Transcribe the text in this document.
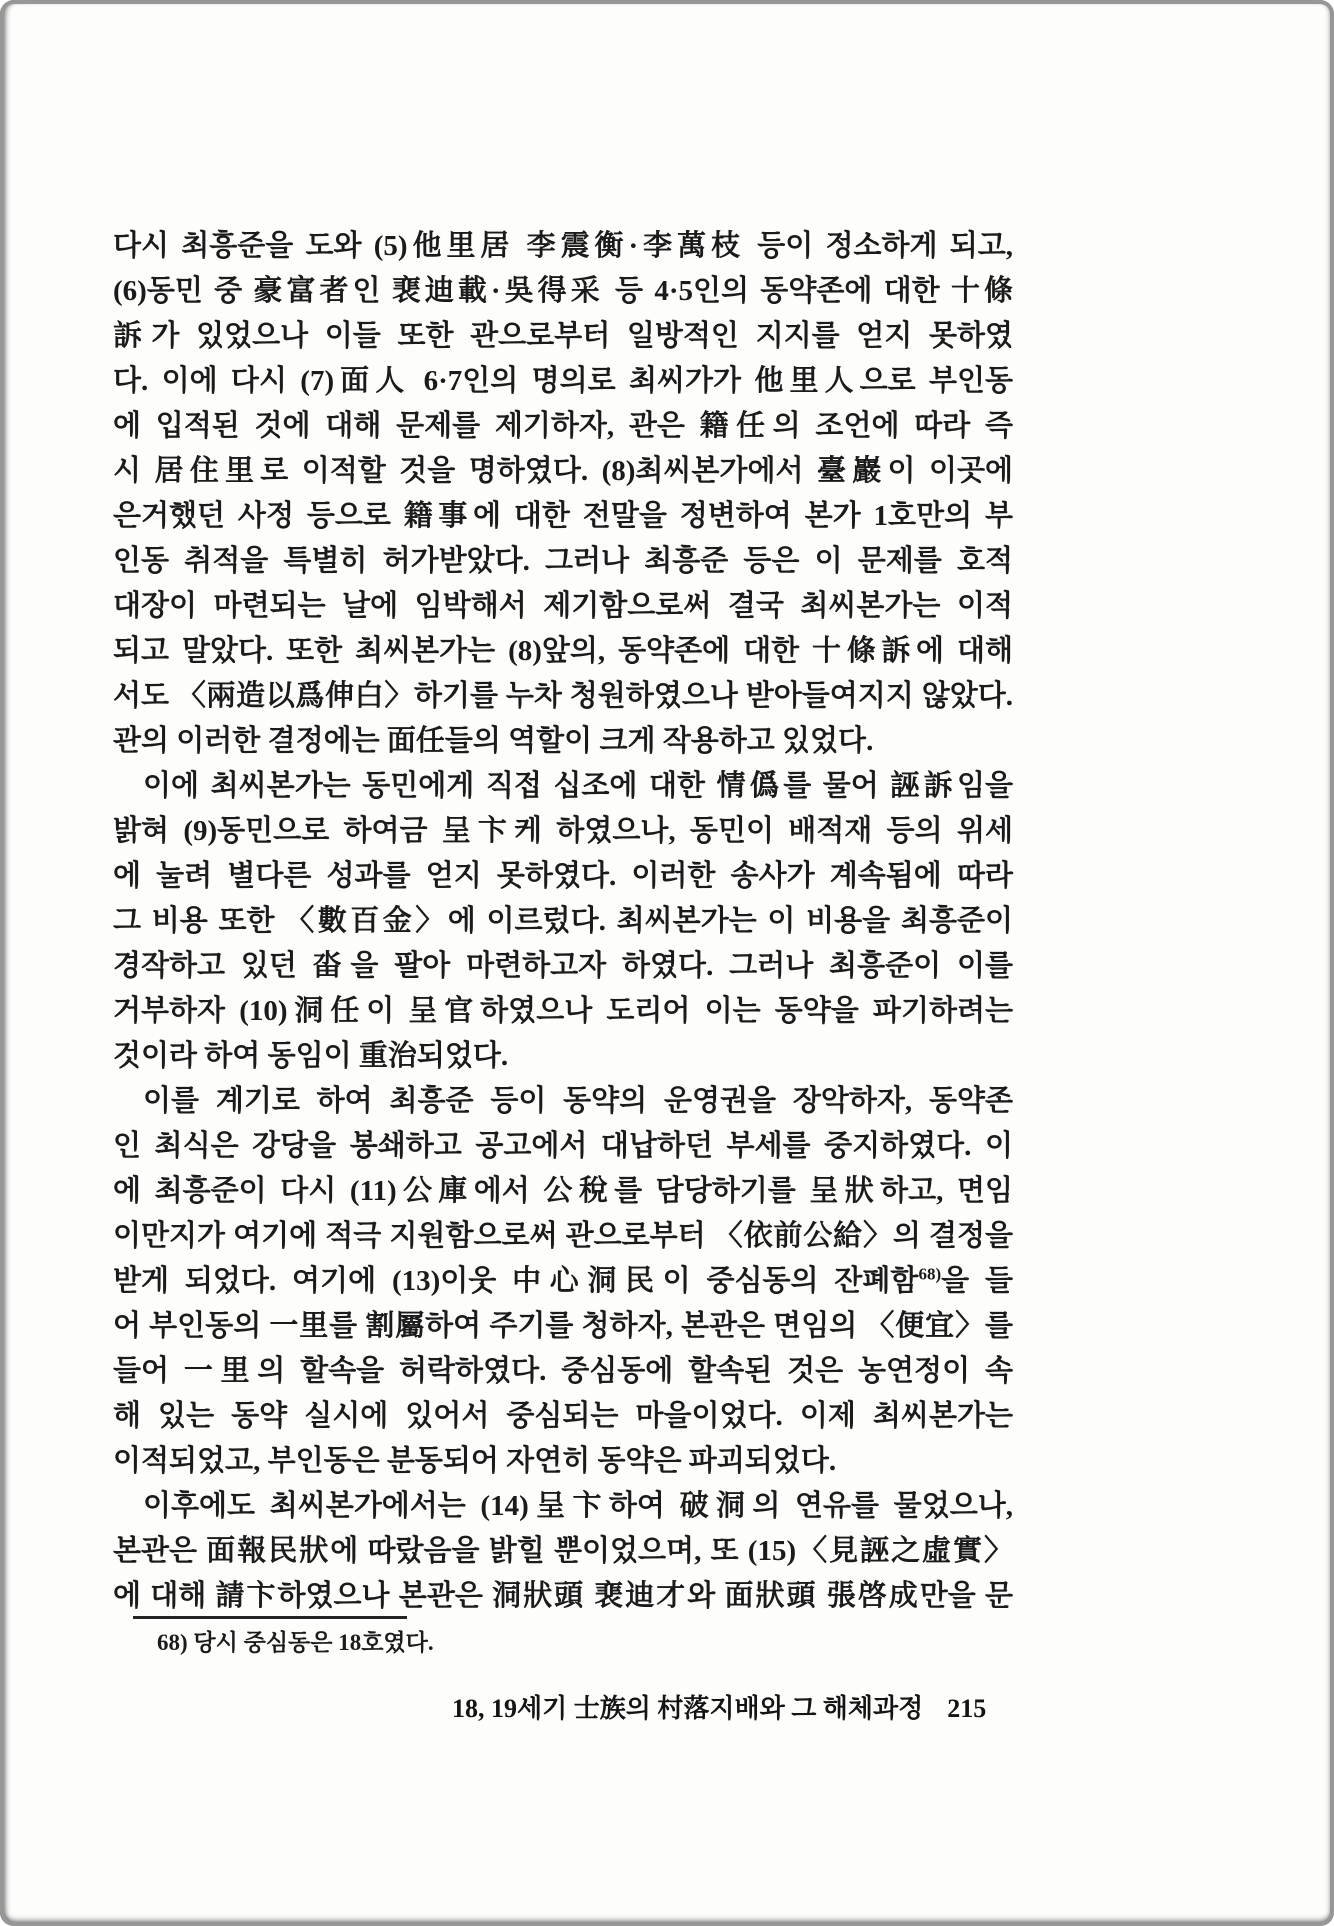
다시 최흥준을 도와 (5)他里居 李震衡·李萬枝 등이 정소하게 되고,
(6)동민 중 豪富者인 裵迪載·吳得采 등 4·5인의 동약존에 대한 十條
訴가 있었으나 이들 또한 관으로부터 일방적인 지지를 얻지 못하였
다. 이에 다시 (7)面人 6·7인의 명의로 최씨가가 他里人으로 부인동
에 입적된 것에 대해 문제를 제기하자, 관은 籍任의 조언에 따라 즉
시 居住里로 이적할 것을 명하였다. (8)최씨본가에서 臺巖이 이곳에
은거했던 사정 등으로 籍事에 대한 전말을 정변하여 본가 1호만의 부
인동 취적을 특별히 허가받았다. 그러나 최흥준 등은 이 문제를 호적
대장이 마련되는 날에 임박해서 제기함으로써 결국 최씨본가는 이적
되고 말았다. 또한 최씨본가는 (8)앞의, 동약존에 대한 十條訴에 대해
서도 〈兩造以爲伸白〉하기를 누차 청원하였으나 받아들여지지 않았다.
관의 이러한 결정에는 面任들의 역할이 크게 작용하고 있었다.
이에 최씨본가는 동민에게 직접 십조에 대한 情僞를 물어 誣訴임을
밝혀 (9)동민으로 하여금 呈卞케 하였으나, 동민이 배적재 등의 위세
에 눌려 별다른 성과를 얻지 못하였다. 이러한 송사가 계속됨에 따라
그 비용 또한 〈數百金〉에 이르렀다. 최씨본가는 이 비용을 최흥준이
경작하고 있던 畓을 팔아 마련하고자 하였다. 그러나 최흥준이 이를
거부하자 (10)洞任이 呈官하였으나 도리어 이는 동약을 파기하려는
것이라 하여 동임이 重治되었다.
이를 계기로 하여 최흥준 등이 동약의 운영권을 장악하자, 동약존
인 최식은 강당을 봉쇄하고 공고에서 대납하던 부세를 중지하였다. 이
에 최흥준이 다시 (11)公庫에서 公稅를 담당하기를 呈狀하고, 면임
이만지가 여기에 적극 지원함으로써 관으로부터 〈依前公給〉의 결정을
받게 되었다. 여기에 (13)이웃 中心洞民이 중심동의 잔폐함$^{68)}$을 들
어 부인동의 一里를 割屬하여 주기를 청하자, 본관은 면임의 〈便宜〉를
들어 一里의 할속을 허락하였다. 중심동에 할속된 것은 농연정이 속
해 있는 동약 실시에 있어서 중심되는 마을이었다. 이제 최씨본가는
이적되었고, 부인동은 분동되어 자연히 동약은 파괴되었다.
이후에도 최씨본가에서는 (14)呈卞하여 破洞의 연유를 물었으나,
본관은 面報民狀에 따랐음을 밝힐 뿐이었으며, 또 (15)〈見誣之虛實〉
에 대해 請卞하였으나 본관은 洞狀頭 裵迪才와 面狀頭 張啓成만을 문
68) 당시 중심동은 18호였다.
18, 19세기 士族의 村落지배와 그 해체과정 215
